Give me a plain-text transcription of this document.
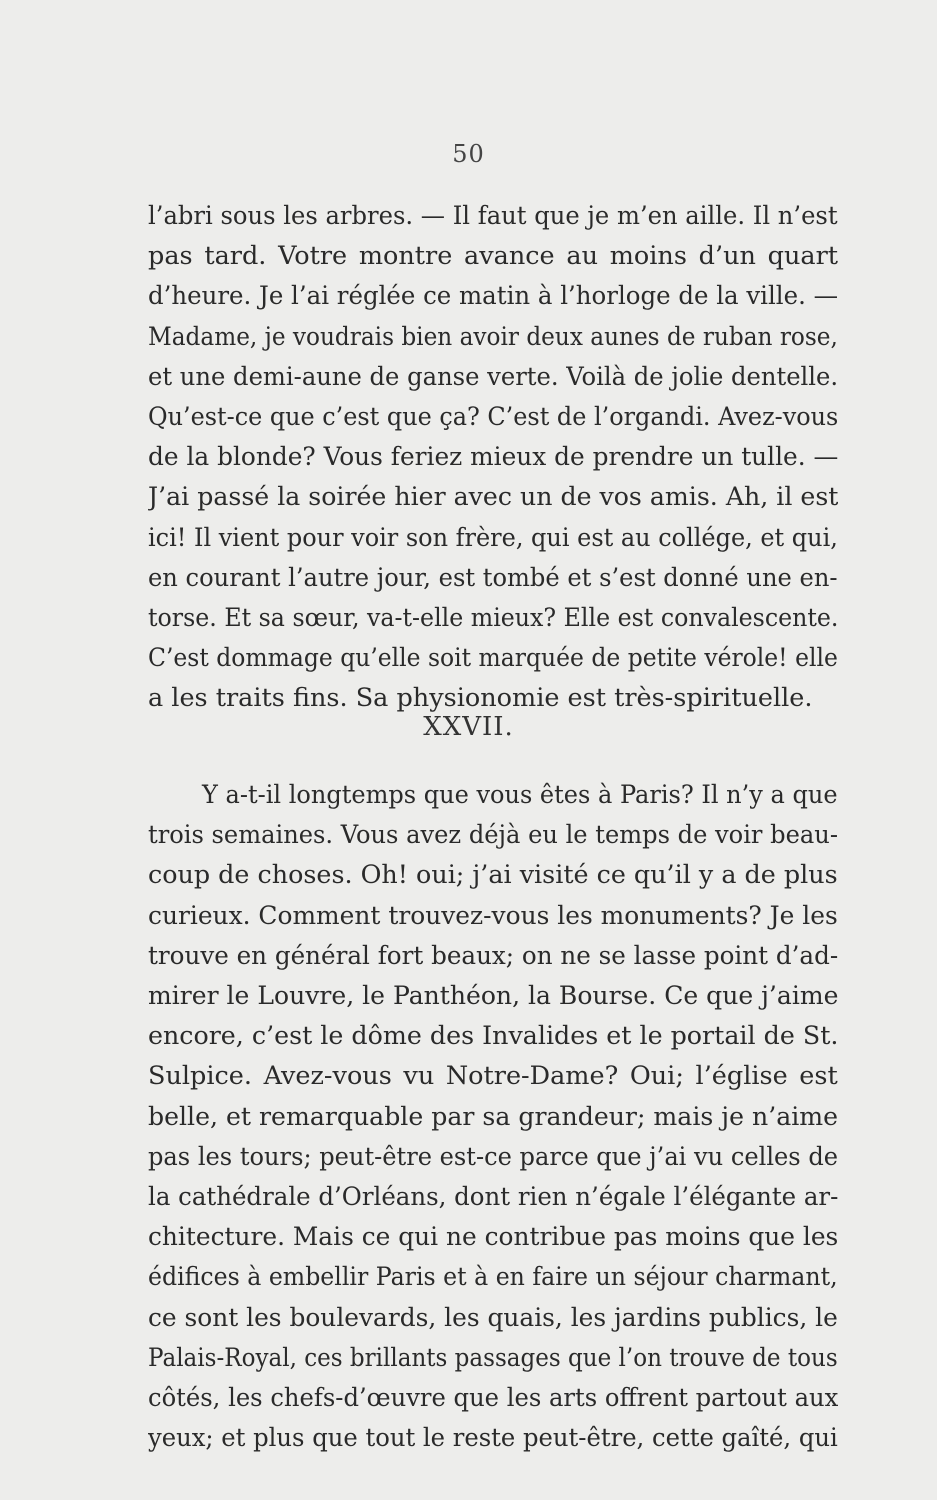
50
l’abri sous les arbres. — Il faut que je m’en aille. Il n’est
pas tard. Votre montre avance au moins d’un quart
d’heure. Je l’ai réglée ce matin à l’horloge de la ville. —
Madame, je voudrais bien avoir deux aunes de ruban rose,
et une demi-aune de ganse verte. Voilà de jolie dentelle.
Qu’est-ce que c’est que ça? C’est de l’organdi. Avez-vous
de la blonde? Vous feriez mieux de prendre un tulle. —
J’ai passé la soirée hier avec un de vos amis. Ah, il est
ici! Il vient pour voir son frère, qui est au collége, et qui,
en courant l’autre jour, est tombé et s’est donné une en-
torse. Et sa sœur, va-t-elle mieux? Elle est convalescente.
C’est dommage qu’elle soit marquée de petite vérole! elle
a les traits fins. Sa physionomie est très-spirituelle.
XXVII.
Y a-t-il longtemps que vous êtes à Paris? Il n’y a que
trois semaines. Vous avez déjà eu le temps de voir beau-
coup de choses. Oh! oui; j’ai visité ce qu’il y a de plus
curieux. Comment trouvez-vous les monuments? Je les
trouve en général fort beaux; on ne se lasse point d’ad-
mirer le Louvre, le Panthéon, la Bourse. Ce que j’aime
encore, c’est le dôme des Invalides et le portail de St.
Sulpice. Avez-vous vu Notre-Dame? Oui; l’église est
belle, et remarquable par sa grandeur; mais je n’aime
pas les tours; peut-être est-ce parce que j’ai vu celles de
la cathédrale d’Orléans, dont rien n’égale l’élégante ar-
chitecture. Mais ce qui ne contribue pas moins que les
édifices à embellir Paris et à en faire un séjour charmant,
ce sont les boulevards, les quais, les jardins publics, le
Palais-Royal, ces brillants passages que l’on trouve de tous
côtés, les chefs-d’œuvre que les arts offrent partout aux
yeux; et plus que tout le reste peut-être, cette gaîté, qui
